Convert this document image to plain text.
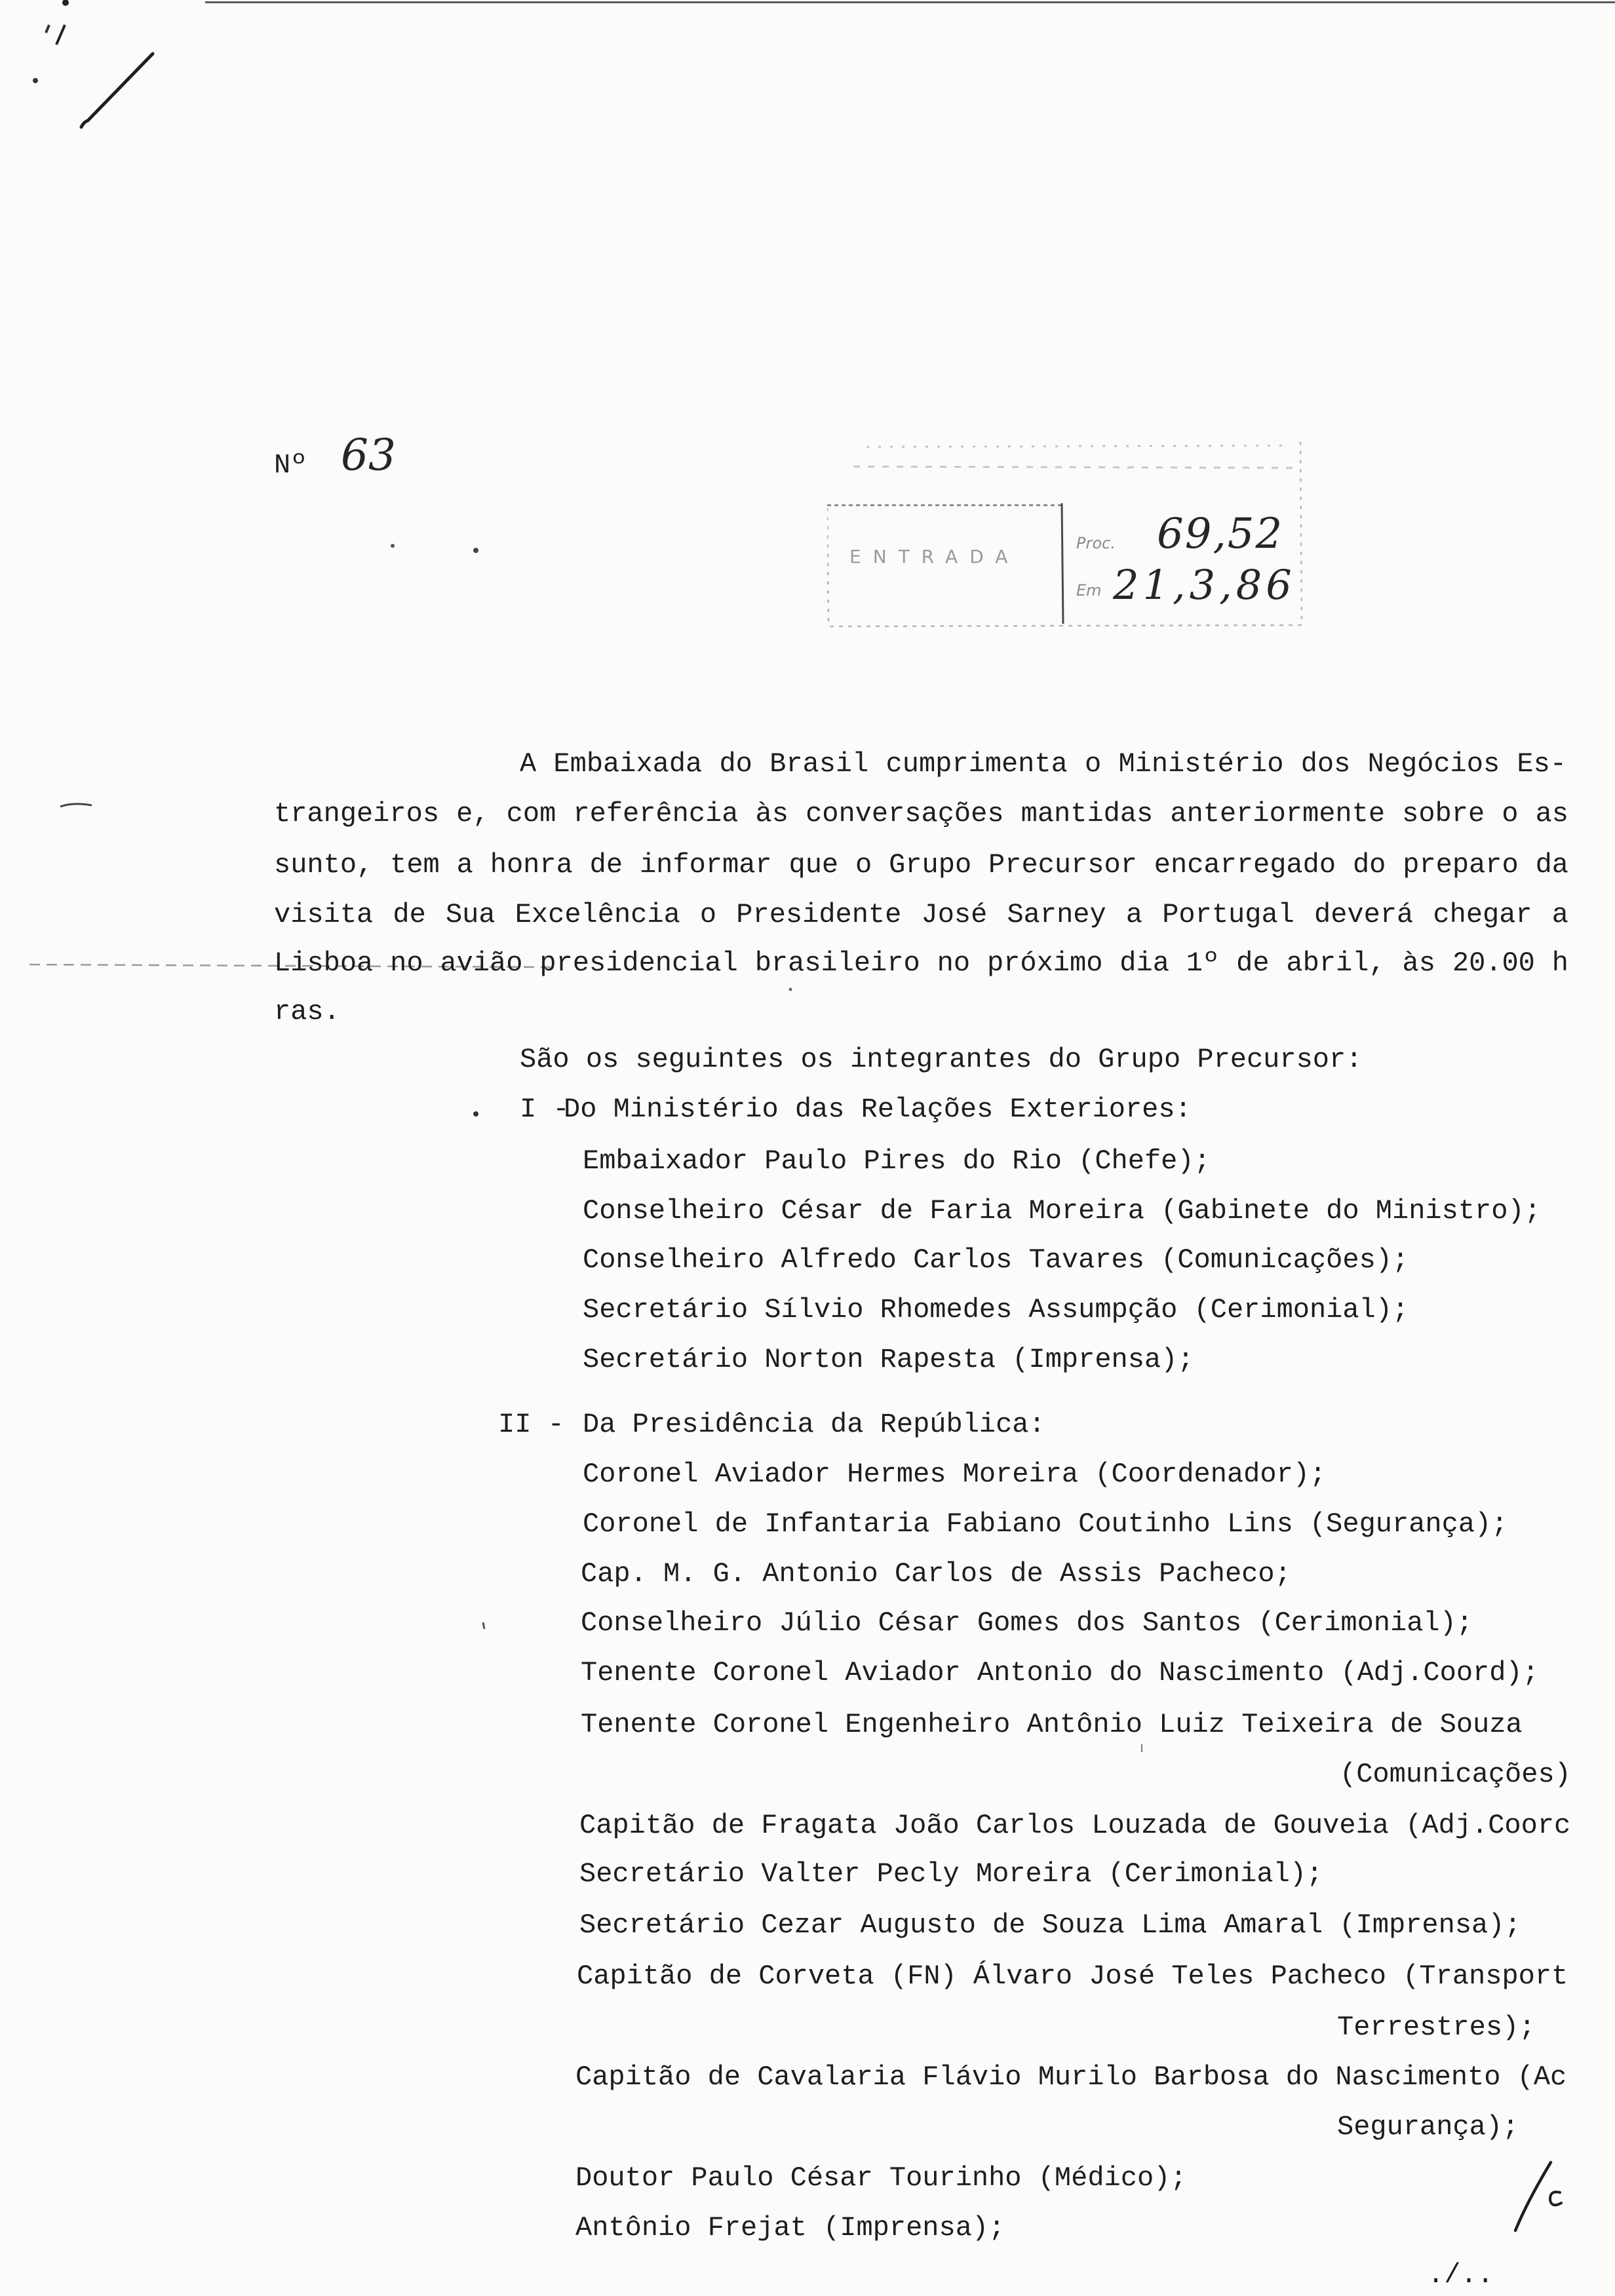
Nº 63
ENTRADA
Proc. 69,52
Em 21,3,86
A Embaixada do Brasil cumprimenta o Ministério dos Negócios Es-
trangeiros e, com referência às conversações mantidas anteriormente sobre o as
sunto, tem a honra de informar que o Grupo Precursor encarregado do preparo da
visita de Sua Excelência o Presidente José Sarney a Portugal deverá chegar a
Lisboa no avião presidencial brasileiro no próximo dia 1º de abril, às 20.00 h
ras.
São os seguintes os integrantes do Grupo Precursor:
I -
Do Ministério das Relações Exteriores:
Embaixador Paulo Pires do Rio (Chefe);
Conselheiro César de Faria Moreira (Gabinete do Ministro);
Conselheiro Alfredo Carlos Tavares (Comunicações);
Secretário Sílvio Rhomedes Assumpção (Cerimonial);
Secretário Norton Rapesta (Imprensa);
II - Da Presidência da República:
Coronel Aviador Hermes Moreira (Coordenador);
Coronel de Infantaria Fabiano Coutinho Lins (Segurança);
Cap. M. G. Antonio Carlos de Assis Pacheco;
Conselheiro Júlio César Gomes dos Santos (Cerimonial);
Tenente Coronel Aviador Antonio do Nascimento (Adj.Coord);
Tenente Coronel Engenheiro Antônio Luiz Teixeira de Souza
(Comunicações)
Capitão de Fragata João Carlos Louzada de Gouveia (Adj.Coorc
Secretário Valter Pecly Moreira (Cerimonial);
Secretário Cezar Augusto de Souza Lima Amaral (Imprensa);
Capitão de Corveta (FN) Álvaro José Teles Pacheco (Transport
Terrestres);
Capitão de Cavalaria Flávio Murilo Barbosa do Nascimento (Ac
Segurança);
Doutor Paulo César Tourinho (Médico);
Antônio Frejat (Imprensa);
./..
